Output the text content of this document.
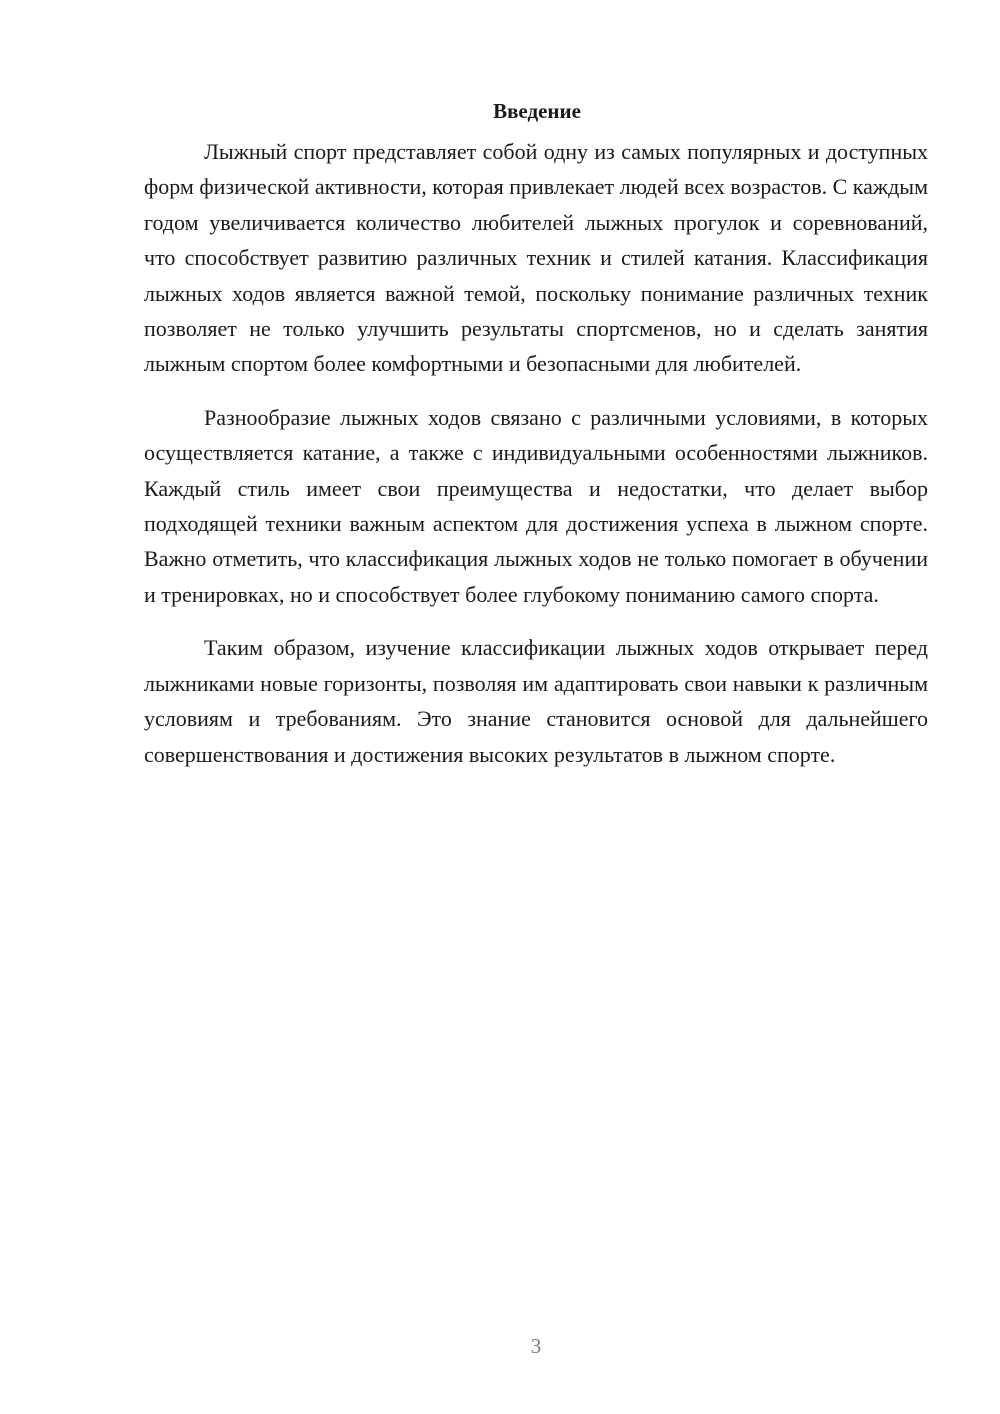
Введение

Лыжный спорт представляет собой одну из самых популярных и доступных форм физической активности, которая привлекает людей всех возрастов. С каждым годом увеличивается количество любителей лыжных прогулок и соревнований, что способствует развитию различных техник и стилей катания. Классификация лыжных ходов является важной темой, поскольку понимание различных техник позволяет не только улучшить результаты спортсменов, но и сделать занятия лыжным спортом более комфортными и безопасными для любителей.

Разнообразие лыжных ходов связано с различными условиями, в которых осуществляется катание, а также с индивидуальными особенностями лыжников. Каждый стиль имеет свои преимущества и недостатки, что делает выбор подходящей техники важным аспектом для достижения успеха в лыжном спорте. Важно отметить, что классификация лыжных ходов не только помогает в обучении и тренировках, но и способствует более глубокому пониманию самого спорта.

Таким образом, изучение классификации лыжных ходов открывает перед лыжниками новые горизонты, позволяя им адаптировать свои навыки к различным условиям и требованиям. Это знание становится основой для дальнейшего совершенствования и достижения высоких результатов в лыжном спорте.

3
